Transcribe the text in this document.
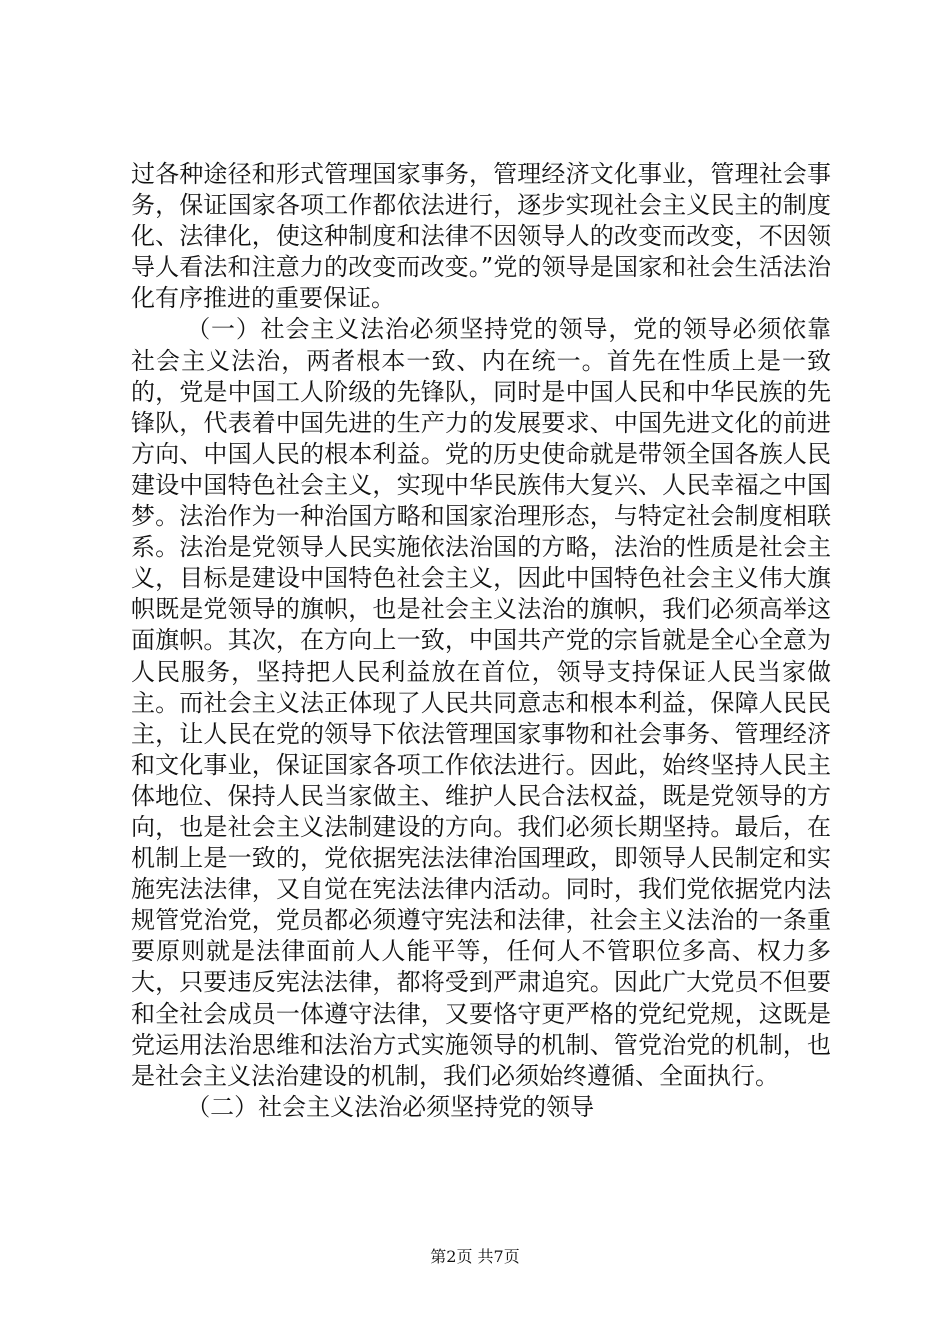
过各种途径和形式管理国家事务，管理经济文化事业，管理社会事务，保证国家各项工作都依法进行，逐步实现社会主义民主的制度化、法律化，使这种制度和法律不因领导人的改变而改变，不因领导人看法和注意力的改变而改变。”党的领导是国家和社会生活法治化有序推进的重要保证。

（一）社会主义法治必须坚持党的领导，党的领导必须依靠社会主义法治，两者根本一致、内在统一。首先在性质上是一致的，党是中国工人阶级的先锋队，同时是中国人民和中华民族的先锋队，代表着中国先进的生产力的发展要求、中国先进文化的前进方向、中国人民的根本利益。党的历史使命就是带领全国各族人民建设中国特色社会主义，实现中华民族伟大复兴、人民幸福之中国梦。法治作为一种治国方略和国家治理形态，与特定社会制度相联系。法治是党领导人民实施依法治国的方略，法治的性质是社会主义，目标是建设中国特色社会主义，因此中国特色社会主义伟大旗帜既是党领导的旗帜，也是社会主义法治的旗帜，我们必须高举这面旗帜。其次，在方向上一致，中国共产党的宗旨就是全心全意为人民服务，坚持把人民利益放在首位，领导支持保证人民当家做主。而社会主义法正体现了人民共同意志和根本利益，保障人民民主，让人民在党的领导下依法管理国家事物和社会事务、管理经济和文化事业，保证国家各项工作依法进行。因此，始终坚持人民主体地位、保持人民当家做主、维护人民合法权益，既是党领导的方向，也是社会主义法制建设的方向。我们必须长期坚持。最后，在机制上是一致的，党依据宪法法律治国理政，即领导人民制定和实施宪法法律，又自觉在宪法法律内活动。同时，我们党依据党内法规管党治党，党员都必须遵守宪法和法律，社会主义法治的一条重要原则就是法律面前人人能平等，任何人不管职位多高、权力多大，只要违反宪法法律，都将受到严肃追究。因此广大党员不但要和全社会成员一体遵守法律，又要恪守更严格的党纪党规，这既是党运用法治思维和法治方式实施领导的机制、管党治党的机制，也是社会主义法治建设的机制，我们必须始终遵循、全面执行。

（二）社会主义法治必须坚持党的领导

第2页 共7页
